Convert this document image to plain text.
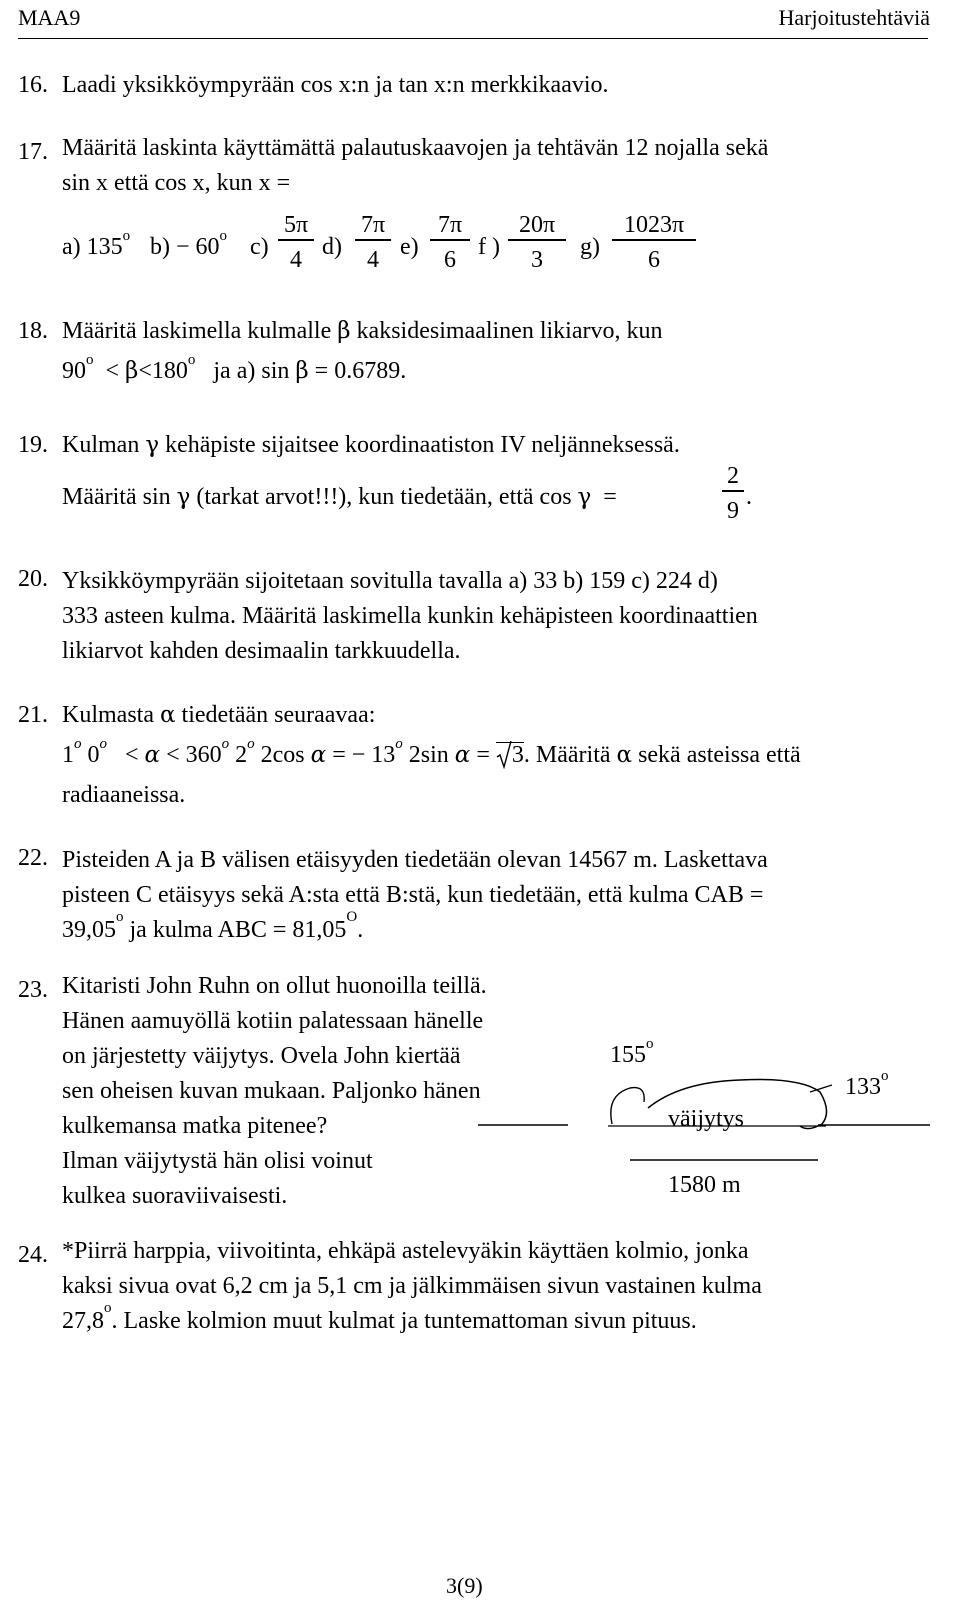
MAA9	Harjoitustehtäviä
16. Laadi yksikköympyrään cos x:n ja tan x:n merkkikaavio.
17. Määritä laskinta käyttämättä palautuskaavojen ja tehtävän 12 nojalla sekä
sin x että cos x, kun x =
a) 135$^o$ $b) - 60^o$ c)
5π
4 d)
7π
4 e)
7π
6 f )
20π
3	g)
1023π
6
18. Määritä laskimella kulmalle β kaksidesimaalinen likiarvo, kun
$90^o < \beta<180^o$ ja a) sin β = 0.6789.
19. Kulman γ kehäpiste sijaitsee koordinaatiston IV neljänneksessä.
Määritä sin γ (tarkat arvot!!!), kun tiedetään, että cos γ =
2
9
.
20. Yksikköympyrään sijoitetaan sovitulla tavalla a) 33 b) 159 c) 224 d)
333 asteen kulma. Määritä laskimella kunkin kehäpisteen koordinaattien
likiarvot kahden desimaalin tarkkuudella.
21. Kulmasta α tiedetään seuraavaa:
1$^o$ $0^o < \alpha < 360^o$ 2$^o$ 2cos α = − $13^o$ 2sin α = 3. Määritä α sekä asteissa että
radiaaneissa.
22. Pisteiden A ja B välisen etäisyyden tiedetään olevan 14567 m. Laskettava
pisteen C etäisyys sekä A:sta että B:stä, kun tiedetään, että kulma CAB =
$39,05^o$ ja kulma ABC = $81,05^O$.
23. Kitaristi John Ruhn on ollut huonoilla teillä.
Hänen aamuyöllä kotiin palatessaan hänelle
on järjestetty väijytys. Ovela John kiertää
sen oheisen kuvan mukaan. Paljonko hänen
kulkemansa matka pitenee?
Ilman väijytystä hän olisi voinut
kulkea suoraviivaisesti.
155$^o$
133$^o$
väijytys
1580 m
24. *Piirrä harppia, viivoitinta, ehkäpä astelevyäkin käyttäen kolmio, jonka
kaksi sivua ovat 6,2 cm ja 5,1 cm ja jälkimmäisen sivun vastainen kulma
27,8$^o$. Laske kolmion muut kulmat ja tuntemattoman sivun pituus.
3(9)
